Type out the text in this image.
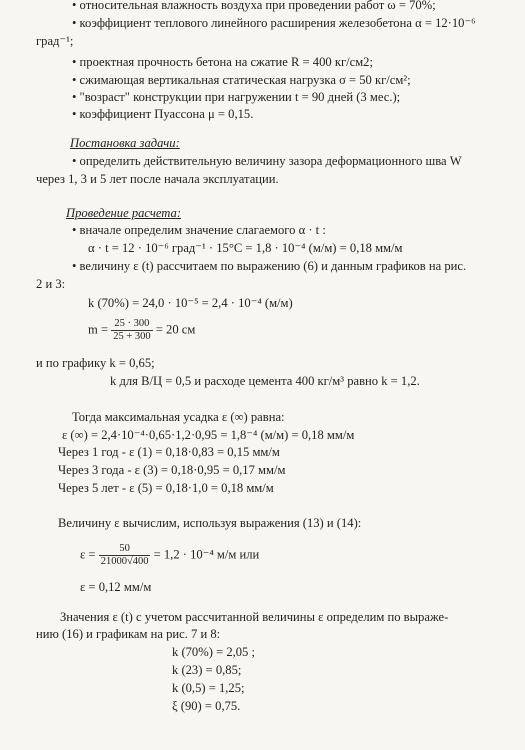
• относительная влажность воздуха при проведении работ ω = 70%;
• коэффициент теплового линейного расширения железобетона α = 12·10⁻⁶
град⁻¹;
• проектная прочность бетона на сжатие R = 400 кг/см2;
• сжимающая вертикальная статическая нагрузка σ = 50 кг/см²;
• "возраст" конструкции при нагружении t = 90 дней (3 мес.);
• коэффициент Пуассона μ = 0,15.
Постановка задачи:
• определить действительную величину зазора деформационного шва W
через 1, 3 и 5 лет после начала эксплуатации.
Проведение расчета:
• вначале определим значение слагаемого α · t :
α · t = 12 · 10⁻⁶ град⁻¹ · 15°C = 1,8 · 10⁻⁴ (м/м) = 0,18 мм/м
• величину ε (t) рассчитаем по выражению (6) и данным графиков на рис.
2 и 3:
k (70%) = 24,0 · 10⁻⁵ = 2,4 · 10⁻⁴ (м/м)
$m = \frac{25 \cdot 300}{25 + 300} = 20$ см
и по графику k = 0,65;
k для В/Ц = 0,5 и расходе цемента 400 кг/м³ равно k = 1,2.
Тогда максимальная усадка ε (∞) равна:
ε (∞) = 2,4·10⁻⁴·0,65·1,2·0,95 = 1,8⁻⁴ (м/м) = 0,18 мм/м
Через 1 год - ε (1) = 0,18·0,83 = 0,15 мм/м
Через 3 года - ε (3) = 0,18·0,95 = 0,17 мм/м
Через 5 лет - ε (5) = 0,18·1,0 = 0,18 мм/м
Величину ε вычислим, используя выражения (13) и (14):
$\varepsilon = \frac{50}{21000√400} = 1,2 \cdot 10^{-4}$ м/м или
ε = 0,12 мм/м
Значения ε (t) с учетом рассчитанной величины ε определим по выраже-
нию (16) и графикам на рис. 7 и 8:
k (70%) = 2,05 ;
k (23) = 0,85;
k (0,5) = 1,25;
ξ (90) = 0,75.
